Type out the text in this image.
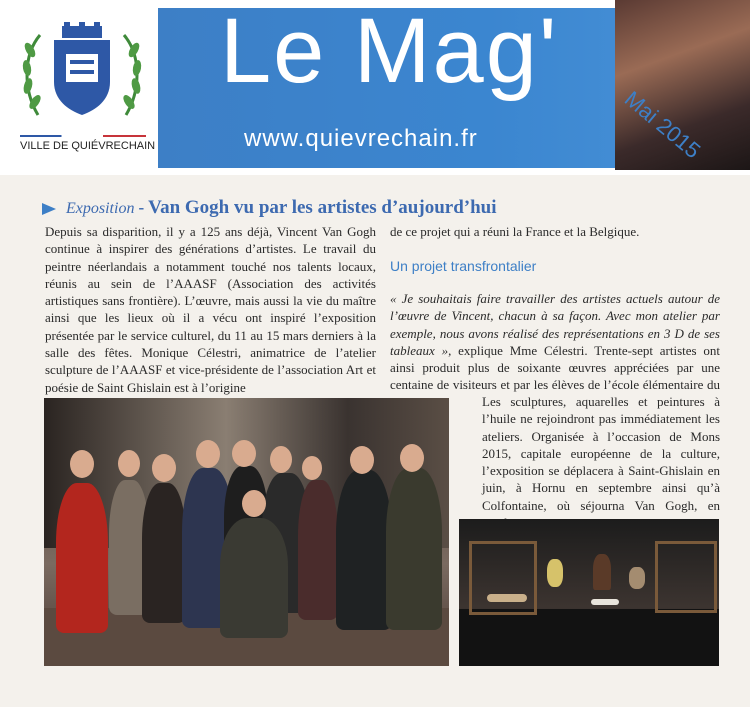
Mai 2015
Le Mag'
www.quievrechain.fr
VILLE DE QUIÉVRECHAIN
Exposition - Van Gogh vu par les artistes d’aujourd’hui
Depuis sa disparition, il y a 125 ans déjà, Vincent Van Gogh continue à inspirer des générations d’artistes. Le travail du peintre néerlandais a notamment touché nos talents locaux, réunis au sein de l’AAASF (Association des activités artistiques sans frontière). L’œuvre, mais aussi la vie du maître ainsi que les lieux où il a vécu ont inspiré l’exposition présentée par le service culturel, du 11 au 15 mars derniers à la salle des fêtes. Monique Célestri, animatrice de l’atelier sculpture de l’AAASF et vice-présidente de l’association Art et poésie de Saint Ghislain est à l’origine
de ce projet qui a réuni la France et la Belgique.
Un projet transfrontalier
« Je souhaitais faire travailler des artistes actuels autour de l’œuvre de Vincent, chacun à sa façon. Avec mon atelier par exemple, nous avons réalisé des représentations en 3 D de ses tableaux », explique Mme Célestri. Trente-sept artistes ont ainsi produit plus de soixante œuvres appréciées par une centaine de visiteurs et par les élèves de l’école élémentaire du
Les sculptures, aquarelles et peintures à l’huile ne rejoindront pas immédiatement les ateliers. Organisée à l’occasion de Mons 2015, capitale européenne de la culture, l’exposition se déplacera à Saint-Ghislain en juin, à Hornu en septembre ainsi qu’à Colfontaine, où séjourna Van Gogh, en
